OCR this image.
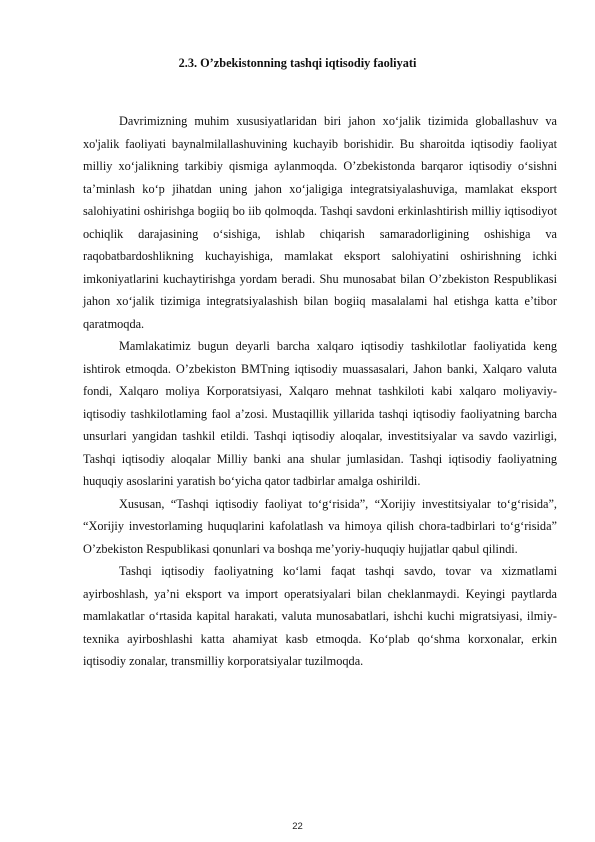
2.3. O’zbekistonning tashqi iqtisodiy faoliyati

Davrimizning muhim xususiyatlaridan biri jahon xo‘jalik tizimida globallashuv va xo'jalik faoliyati baynalmilallashuvining kuchayib borishidir. Bu sharoitda iqtisodiy faoliyat milliy xo‘jalikning tarkibiy qismiga aylanmoqda. O’zbekistonda barqaror iqtisodiy o‘sishni ta’minlash ko‘p jihatdan uning jahon xo‘jaligiga integratsiyalashuviga, mamlakat eksport salohiyatini oshirishga bogiiq bo iib qolmoqda. Tashqi savdoni erkinlashtirish milliy iqtisodiyot ochiqlik darajasining o‘sishiga, ishlab chiqarish samaradorligining oshishiga va raqobatbardoshlikning kuchayishiga, mamlakat eksport salohiyatini oshirishning ichki imkoniyatlarini kuchaytirishga yordam beradi. Shu munosabat bilan O’zbekiston Respublikasi jahon xo‘jalik tizimiga integratsiyalashish bilan bogiiq masalalami hal etishga katta e’tibor qaratmoqda.

Mamlakatimiz bugun deyarli barcha xalqaro iqtisodiy tashkilotlar faoliyatida keng ishtirok etmoqda. O’zbekiston BMTning iqtisodiy muassasalari, Jahon banki, Xalqaro valuta fondi, Xalqaro moliya Korporatsiyasi, Xalqaro mehnat tashkiloti kabi xalqaro moliyaviy-iqtisodiy tashkilotlaming faol a’zosi. Mustaqillik yillarida tashqi iqtisodiy faoliyatning barcha unsurlari yangidan tashkil etildi. Tashqi iqtisodiy aloqalar, investitsiyalar va savdo vazirligi, Tashqi iqtisodiy aloqalar Milliy banki ana shular jumlasidan. Tashqi iqtisodiy faoliyatning huquqiy asoslarini yaratish bo‘yicha qator tadbirlar amalga oshirildi.

Xususan, “Tashqi iqtisodiy faoliyat to‘g‘risida”, “Xorijiy investitsiyalar to‘g‘risida”, “Xorijiy investorlaming huquqlarini kafolatlash va himoya qilish chora-tadbirlari to‘g‘risida” O’zbekiston Respublikasi qonunlari va boshqa me’yoriy-huquqiy hujjatlar qabul qilindi.

Tashqi iqtisodiy faoliyatning ko‘lami faqat tashqi savdo, tovar va xizmatlami ayirboshlash, ya’ni eksport va import operatsiyalari bilan cheklanmaydi. Keyingi paytlarda mamlakatlar o‘rtasida kapital harakati, valuta munosabatlari, ishchi kuchi migratsiyasi, ilmiy-texnika ayirboshlashi katta ahamiyat kasb etmoqda. Ko‘plab qo‘shma korxonalar, erkin iqtisodiy zonalar, transmilliy korporatsiyalar tuzilmoqda.

22
